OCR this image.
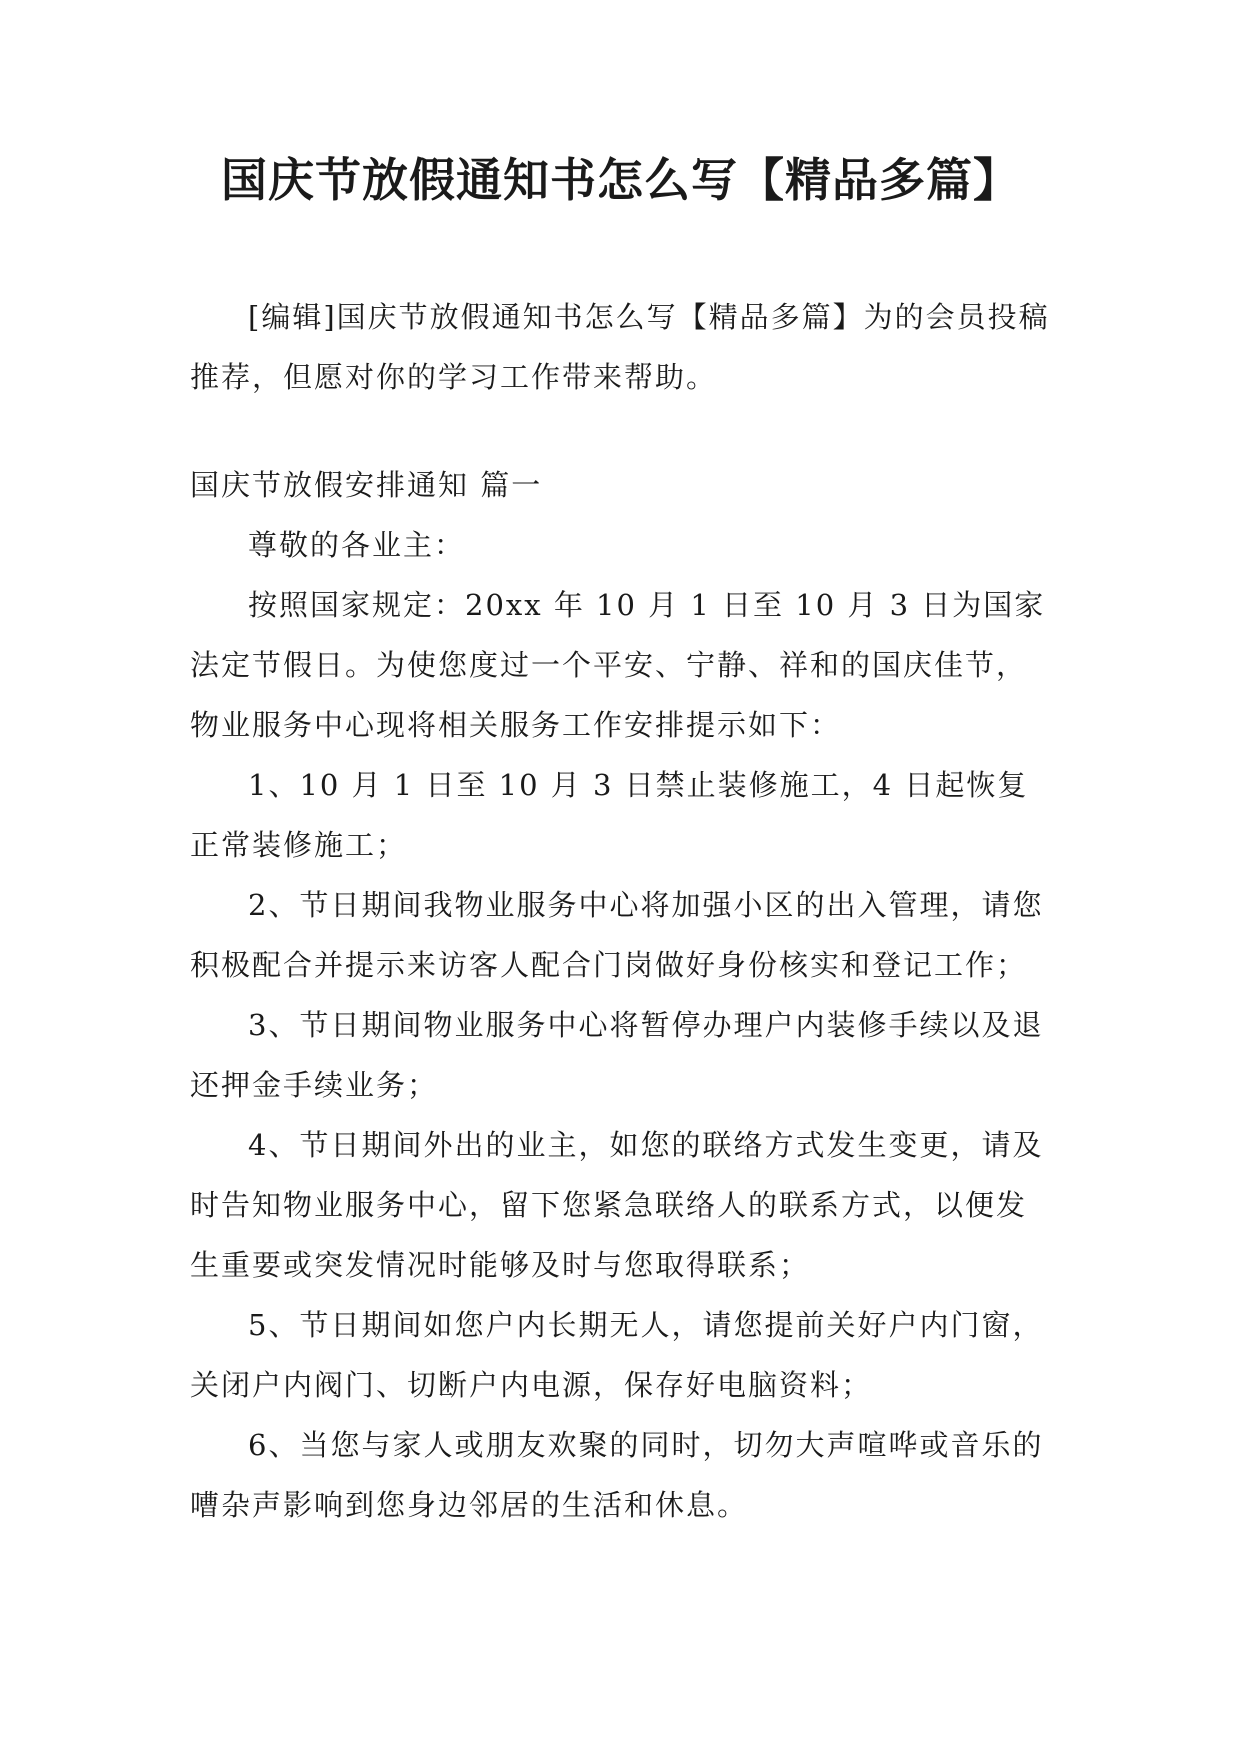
国庆节放假通知书怎么写【精品多篇】

[编辑]国庆节放假通知书怎么写【精品多篇】为的会员投稿推荐，但愿对你的学习工作带来帮助。

国庆节放假安排通知 篇一

尊敬的各业主：

按照国家规定：20xx 年 10 月 1 日至 10 月 3 日为国家法定节假日。为使您度过一个平安、宁静、祥和的国庆佳节，物业服务中心现将相关服务工作安排提示如下：

1、10 月 1 日至 10 月 3 日禁止装修施工，4 日起恢复正常装修施工；

2、节日期间我物业服务中心将加强小区的出入管理，请您积极配合并提示来访客人配合门岗做好身份核实和登记工作；

3、节日期间物业服务中心将暂停办理户内装修手续以及退还押金手续业务；

4、节日期间外出的业主，如您的联络方式发生变更，请及时告知物业服务中心，留下您紧急联络人的联系方式，以便发生重要或突发情况时能够及时与您取得联系；

5、节日期间如您户内长期无人，请您提前关好户内门窗，关闭户内阀门、切断户内电源，保存好电脑资料；

6、当您与家人或朋友欢聚的同时，切勿大声喧哗或音乐的嘈杂声影响到您身边邻居的生活和休息。
